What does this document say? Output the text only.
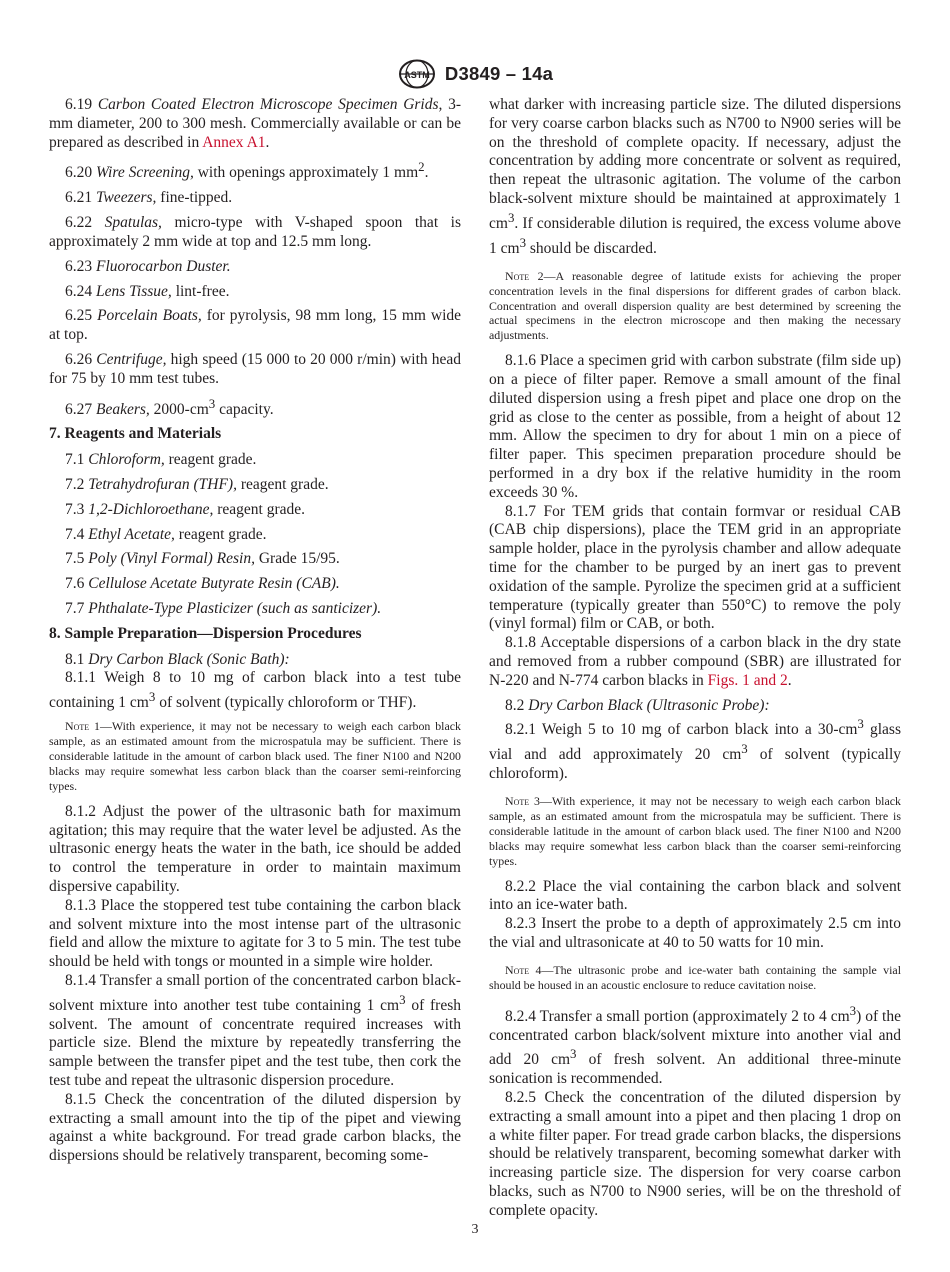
ASTM D3849 – 14a

6.19 Carbon Coated Electron Microscope Specimen Grids, 3-mm diameter, 200 to 300 mesh. Commercially available or can be prepared as described in Annex A1.

6.20 Wire Screening, with openings approximately 1 $mm^2$.

6.21 Tweezers, fine-tipped.

6.22 Spatulas, micro-type with V-shaped spoon that is approximately 2 mm wide at top and 12.5 mm long.

6.23 Fluorocarbon Duster.

6.24 Lens Tissue, lint-free.

6.25 Porcelain Boats, for pyrolysis, 98 mm long, 15 mm wide at top.

6.26 Centrifuge, high speed (15 000 to 20 000 r/min) with head for 75 by 10 mm test tubes.

6.27 Beakers, $2000-cm^3$ capacity.

7. Reagents and Materials

7.1 Chloroform, reagent grade.

7.2 Tetrahydrofuran (THF), reagent grade.

7.3 1,2-Dichloroethane, reagent grade.

7.4 Ethyl Acetate, reagent grade.

7.5 Poly (Vinyl Formal) Resin, Grade 15/95.

7.6 Cellulose Acetate Butyrate Resin (CAB).

7.7 Phthalate-Type Plasticizer (such as santicizer).

8. Sample Preparation—Dispersion Procedures

8.1 Dry Carbon Black (Sonic Bath):

8.1.1 Weigh 8 to 10 mg of carbon black into a test tube containing 1 $cm^3$ of solvent (typically chloroform or THF).

Note 1—With experience, it may not be necessary to weigh each carbon black sample, as an estimated amount from the microspatula may be sufficient. There is considerable latitude in the amount of carbon black used. The finer N100 and N200 blacks may require somewhat less carbon black than the coarser semi-reinforcing types.

8.1.2 Adjust the power of the ultrasonic bath for maximum agitation; this may require that the water level be adjusted. As the ultrasonic energy heats the water in the bath, ice should be added to control the temperature in order to maintain maximum dispersive capability.

8.1.3 Place the stoppered test tube containing the carbon black and solvent mixture into the most intense part of the ultrasonic field and allow the mixture to agitate for 3 to 5 min. The test tube should be held with tongs or mounted in a simple wire holder.

8.1.4 Transfer a small portion of the concentrated carbon black-solvent mixture into another test tube containing 1 $cm^3$ of fresh solvent. The amount of concentrate required increases with particle size. Blend the mixture by repeatedly transferring the sample between the transfer pipet and the test tube, then cork the test tube and repeat the ultrasonic dispersion procedure.

8.1.5 Check the concentration of the diluted dispersion by extracting a small amount into the tip of the pipet and viewing against a white background. For tread grade carbon blacks, the dispersions should be relatively transparent, becoming some-

what darker with increasing particle size. The diluted dispersions for very coarse carbon blacks such as N700 to N900 series will be on the threshold of complete opacity. If necessary, adjust the concentration by adding more concentrate or solvent as required, then repeat the ultrasonic agitation. The volume of the carbon black-solvent mixture should be maintained at approximately 1 $cm^3$. If considerable dilution is required, the excess volume above 1 $cm^3$ should be discarded.

Note 2—A reasonable degree of latitude exists for achieving the proper concentration levels in the final dispersions for different grades of carbon black. Concentration and overall dispersion quality are best determined by screening the actual specimens in the electron microscope and then making the necessary adjustments.

8.1.6 Place a specimen grid with carbon substrate (film side up) on a piece of filter paper. Remove a small amount of the final diluted dispersion using a fresh pipet and place one drop on the grid as close to the center as possible, from a height of about 12 mm. Allow the specimen to dry for about 1 min on a piece of filter paper. This specimen preparation procedure should be performed in a dry box if the relative humidity in the room exceeds 30 %.

8.1.7 For TEM grids that contain formvar or residual CAB (CAB chip dispersions), place the TEM grid in an appropriate sample holder, place in the pyrolysis chamber and allow adequate time for the chamber to be purged by an inert gas to prevent oxidation of the sample. Pyrolize the specimen grid at a sufficient temperature (typically greater than 550°C) to remove the poly (vinyl formal) film or CAB, or both.

8.1.8 Acceptable dispersions of a carbon black in the dry state and removed from a rubber compound (SBR) are illustrated for N-220 and N-774 carbon blacks in Figs. 1 and 2.

8.2 Dry Carbon Black (Ultrasonic Probe):

8.2.1 Weigh 5 to 10 mg of carbon black into a $30-cm^3$ glass vial and add approximately 20 $cm^3$ of solvent (typically chloroform).

Note 3—With experience, it may not be necessary to weigh each carbon black sample, as an estimated amount from the microspatula may be sufficient. There is considerable latitude in the amount of carbon black used. The finer N100 and N200 blacks may require somewhat less carbon black than the coarser semi-reinforcing types.

8.2.2 Place the vial containing the carbon black and solvent into an ice-water bath.

8.2.3 Insert the probe to a depth of approximately 2.5 cm into the vial and ultrasonicate at 40 to 50 watts for 10 min.

Note 4—The ultrasonic probe and ice-water bath containing the sample vial should be housed in an acoustic enclosure to reduce cavitation noise.

8.2.4 Transfer a small portion (approximately 2 to 4 $cm^3$) of the concentrated carbon black/solvent mixture into another vial and add 20 $cm^3$ of fresh solvent. An additional three-minute sonication is recommended.

8.2.5 Check the concentration of the diluted dispersion by extracting a small amount into a pipet and then placing 1 drop on a white filter paper. For tread grade carbon blacks, the dispersions should be relatively transparent, becoming somewhat darker with increasing particle size. The dispersion for very coarse carbon blacks, such as N700 to N900 series, will be on the threshold of complete opacity.

3
